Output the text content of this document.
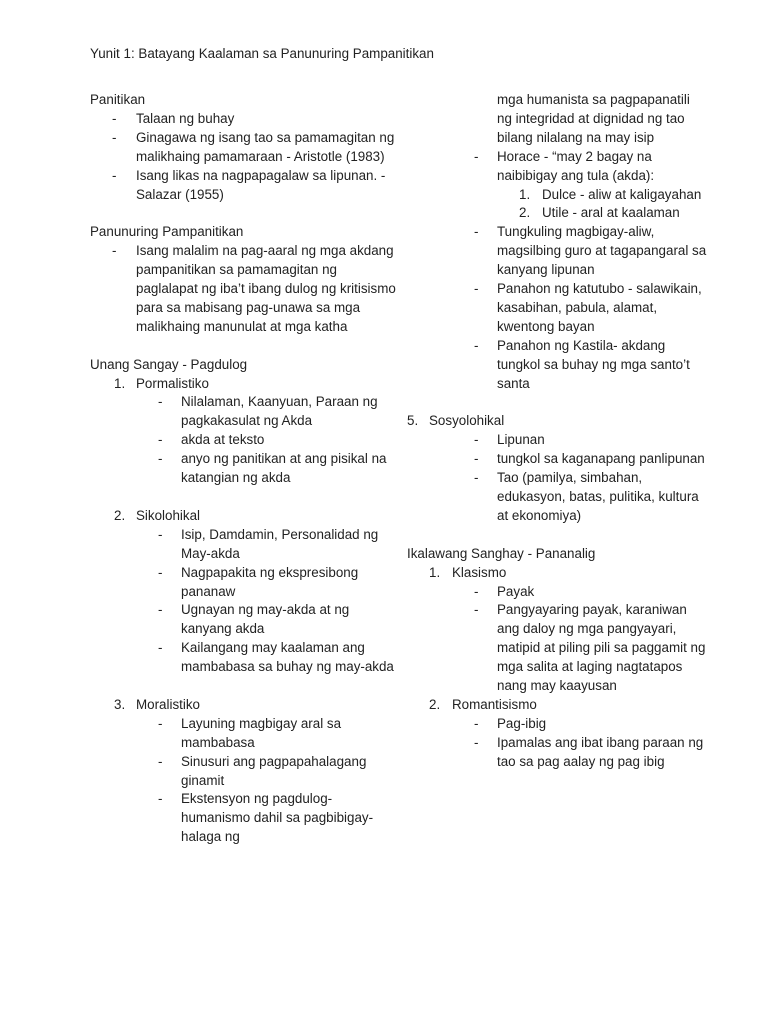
Yunit 1: Batayang Kaalaman sa Panunuring Pampanitikan
Panitikan
- Talaan ng buhay
- Ginagawa ng isang tao sa pamamagitan ng malikhaing pamamaraan - Aristotle (1983)
- Isang likas na nagpapagalaw sa lipunan. - Salazar (1955)
Panunuring Pampanitikan
- Isang malalim na pag-aaral ng mga akdang pampanitikan sa pamamagitan ng paglalapat ng iba’t ibang dulog ng kritisismo para sa mabisang pag-unawa sa mga malikhaing manunulat at mga katha
Unang Sangay - Pagdulog
1. Pormalistiko
- Nilalaman, Kaanyuan, Paraan ng pagkakasulat ng Akda
- akda at teksto
- anyo ng panitikan at ang pisikal na katangian ng akda
2. Sikolohikal
- Isip, Damdamin, Personalidad ng May-akda
- Nagpapakita ng ekspresibong pananaw
- Ugnayan ng may-akda at ng kanyang akda
- Kailangang may kaalaman ang mambabasa sa buhay ng may-akda
3. Moralistiko
- Layuning magbigay aral sa mambabasa
- Sinusuri ang pagpapahalagang ginamit
- Ekstensyon ng pagdulog-humanismo dahil sa pagbibigay-halaga ng
mga humanista sa pagpapanatili ng integridad at dignidad ng tao bilang nilalang na may isip
- Horace - “may 2 bagay na naibibigay ang tula (akda):
1. Dulce - aliw at kaligayahan
2. Utile - aral at kaalaman
- Tungkuling magbigay-aliw, magsilbing guro at tagapangaral sa kanyang lipunan
- Panahon ng katutubo - salawikain, kasabihan, pabula, alamat, kwentong bayan
- Panahon ng Kastila- akdang tungkol sa buhay ng mga santo’t santa
5. Sosyolohikal
- Lipunan
- tungkol sa kaganapang panlipunan
- Tao (pamilya, simbahan, edukasyon, batas, pulitika, kultura at ekonomiya)
Ikalawang Sanghay - Pananalig
1. Klasismo
- Payak
- Pangyayaring payak, karaniwan ang daloy ng mga pangyayari, matipid at piling pili sa paggamit ng mga salita at laging nagtatapos nang may kaayusan
2. Romantisismo
- Pag-ibig
- Ipamalas ang ibat ibang paraan ng tao sa pag aalay ng pag ibig
